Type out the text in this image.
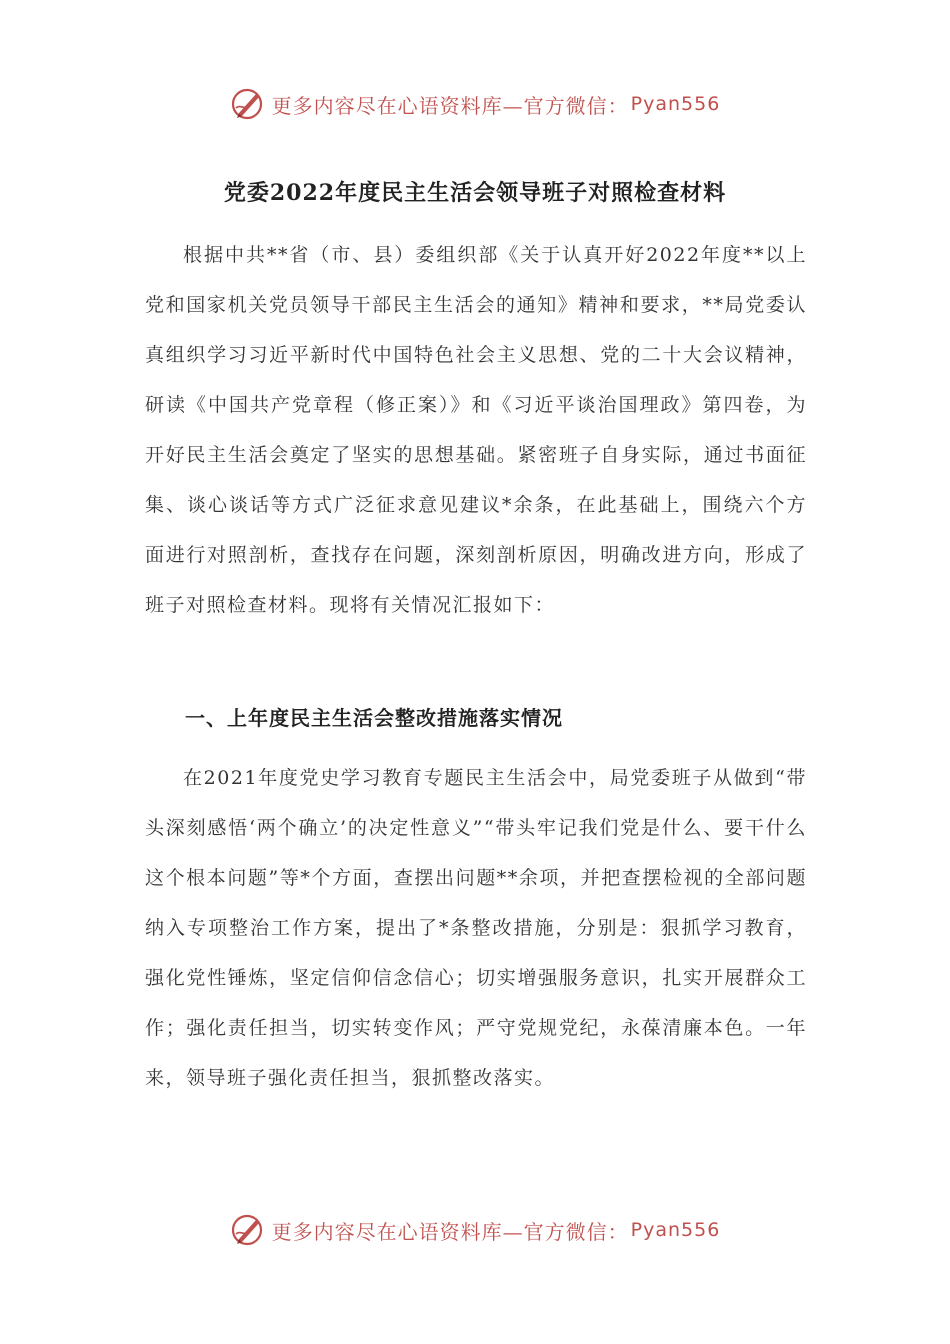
更多内容尽在心语资料库—官方微信： Pyan556
党委2022年度民主生活会领导班子对照检查材料

根据中共**省（市、县）委组织部《关于认真开好2022年度**以上党和国家机关党员领导干部民主生活会的通知》精神和要求，**局党委认真组织学习习近平新时代中国特色社会主义思想、党的二十大会议精神，研读《中国共产党章程（修正案）》和《习近平谈治国理政》第四卷，为开好民主生活会奠定了坚实的思想基础。紧密班子自身实际，通过书面征集、谈心谈话等方式广泛征求意见建议*余条，在此基础上，围绕六个方面进行对照剖析，查找存在问题，深刻剖析原因，明确改进方向，形成了班子对照检查材料。现将有关情况汇报如下：

一、上年度民主生活会整改措施落实情况

在2021年度党史学习教育专题民主生活会中，局党委班子从做到“带头深刻感悟‘两个确立’的决定性意义”“带头牢记我们党是什么、要干什么这个根本问题”等*个方面，查摆出问题**余项，并把查摆检视的全部问题纳入专项整治工作方案，提出了*条整改措施，分别是：狠抓学习教育，强化党性锤炼，坚定信仰信念信心；切实增强服务意识，扎实开展群众工作；强化责任担当，切实转变作风；严守党规党纪，永葆清廉本色。一年来，领导班子强化责任担当，狠抓整改落实。

更多内容尽在心语资料库—官方微信： Pyan556
